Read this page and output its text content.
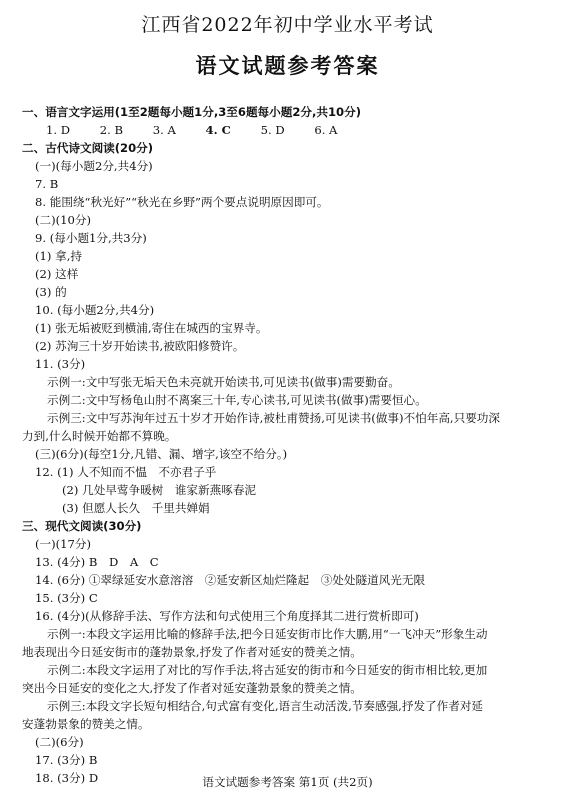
江西省2022年初中学业水平考试
语文试题参考答案
一、语言文字运用(1至2题每小题1分,3至6题每小题2分,共10分)
1. D	2. B	3. A	4. C	5. D	6. A
二、古代诗文阅读(20分)
(一)(每小题2分,共4分)
7. B
8. 能围绕“秋光好”“秋光在乡野”两个要点说明原因即可。
(二)(10分)
9. (每小题1分,共3分)
(1) 拿,持
(2) 这样
(3) 的
10. (每小题2分,共4分)
(1) 张无垢被贬到横浦,寄住在城西的宝界寺。
(2) 苏洵三十岁开始读书,被欧阳修赞许。
11. (3分)
示例一:文中写张无垢天色未亮就开始读书,可见读书(做事)需要勤奋。
示例二:文中写杨龟山肘不离案三十年,专心读书,可见读书(做事)需要恒心。
示例三:文中写苏洵年过五十岁才开始作诗,被杜甫赞扬,可见读书(做事)不怕年高,只要功深
力到,什么时候开始都不算晚。
(三)(6分)(每空1分,凡错、漏、增字,该空不给分。)
12. (1) 人不知而不愠　不亦君子乎
(2) 几处早莺争暖树　谁家新燕啄春泥
(3) 但愿人长久　千里共婵娟
三、现代文阅读(30分)
(一)(17分)
13. (4分) B　D　A　C
14. (6分) ①翠绿延安水意溶溶　②延安新区灿烂隆起　③处处隧道风光无限
15. (3分) C
16. (4分)(从修辞手法、写作方法和句式使用三个角度择其二进行赏析即可)
示例一:本段文字运用比喻的修辞手法,把今日延安街市比作大鹏,用“一飞冲天”形象生动
地表现出今日延安街市的蓬勃景象,抒发了作者对延安的赞美之情。
示例二:本段文字运用了对比的写作手法,将古延安的街市和今日延安的街市相比较,更加
突出今日延安的变化之大,抒发了作者对延安蓬勃景象的赞美之情。
示例三:本段文字长短句相结合,句式富有变化,语言生动活泼,节奏感强,抒发了作者对延
安蓬勃景象的赞美之情。
(二)(6分)
17. (3分) B
18. (3分) D	语文试题参考答案 第1页 (共2页)
